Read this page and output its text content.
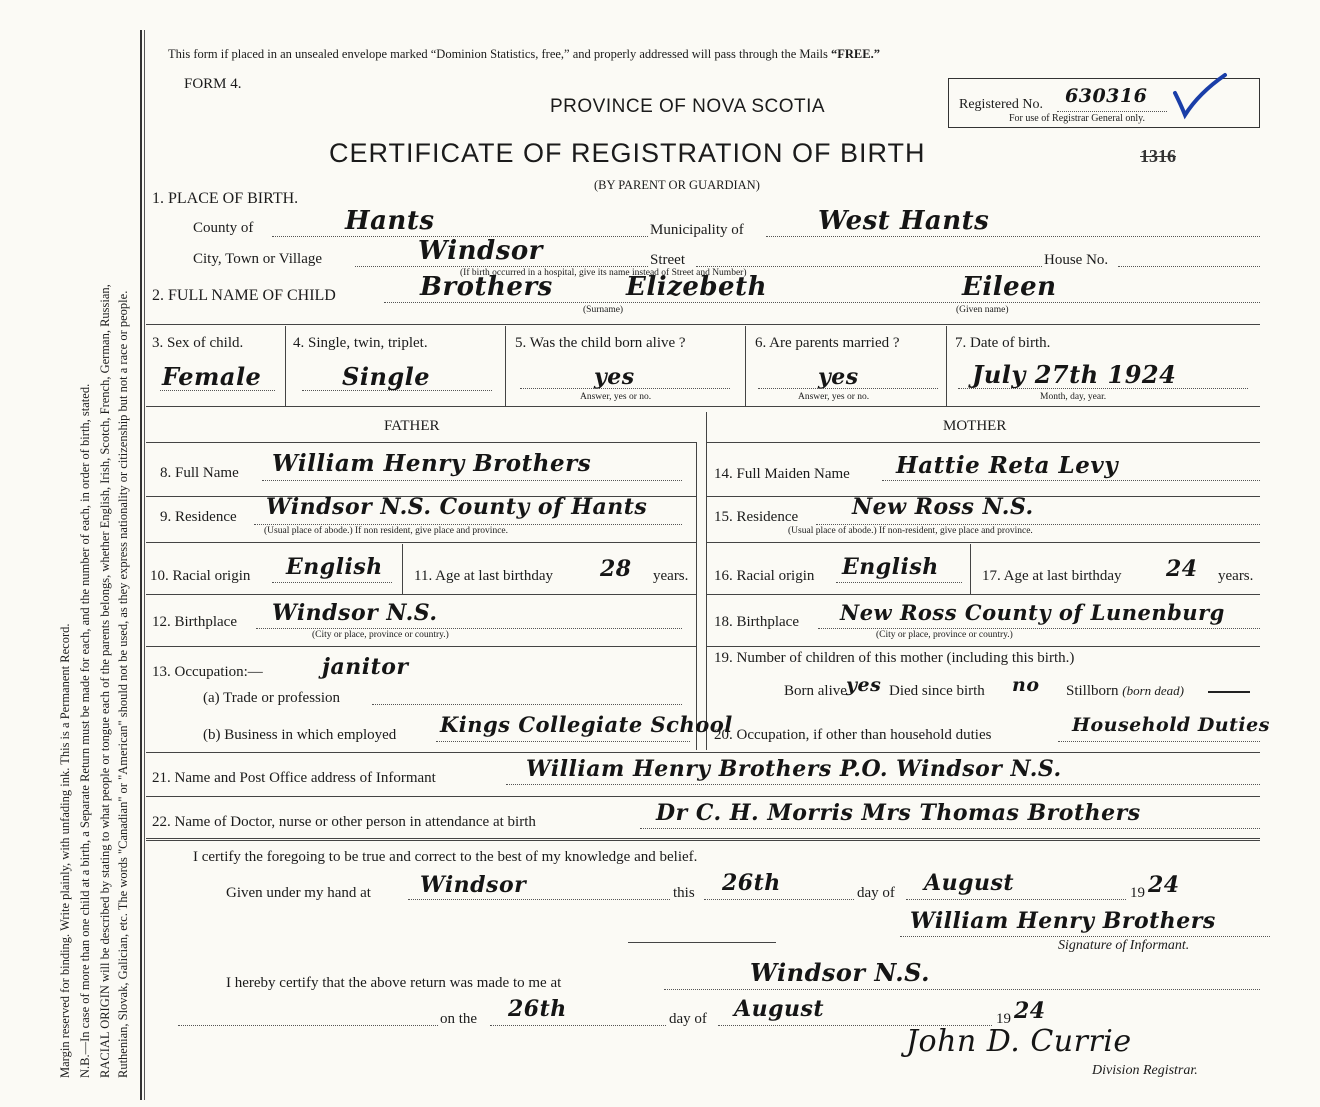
Margin reserved for binding. Write plainly, with unfading ink. This is a Permanent Record. N.B.—In case of more than one child at a birth, a Separate Return must be made for each, and the number of each, in order of birth, stated. RACIAL ORIGIN will be described by stating to what people or tongue each of the parents belongs, whether English, Irish, Scotch, French, German, Russian, Ruthenian, Slovak, Galician, etc. The words "Canadian" or "American" should not be used, as they express nationality or citizenship but not a race or people.
This form if placed in an unsealed envelope marked “Dominion Statistics, free,” and properly addressed will pass through the Mails “FREE.”
FORM 4.
PROVINCE OF NOVA SCOTIA	Registered No. 630316
For use of Registrar General only.
CERTIFICATE OF REGISTRATION OF BIRTH	1316
(BY PARENT OR GUARDIAN)
1. PLACE OF BIRTH.
County of	Hants	Municipality of	West Hants
City, Town or Village	Windsor	Street	House No.
(If birth occurred in a hospital, give its name instead of Street and Number)
2. FULL NAME OF CHILD	Brothers	Elizebeth	Eileen
(Surname)	(Given name)
3. Sex of child.
Female
4. Single, twin, triplet.
Single
5. Was the child born alive ?
yes
Answer, yes or no.
6. Are parents married ?
yes
Answer, yes or no.
7. Date of birth.
July 27th 1924
Month, day, year.
FATHER	MOTHER
8. Full Name William Henry Brothers
9. Residence Windsor N.S. County of Hants
(Usual place of abode.) If non resident, give place and province.
10. Racial origin English 11. Age at last birthday 28 years.
12. Birthplace Windsor N.S.
(City or place, province or country.)
13. Occupation:—	janitor
(a) Trade or profession
(b) Business in which employed Kings Collegiate School
14. Full Maiden Name Hattie Reta Levy
15. Residence New Ross N.S.
(Usual place of abode.) If non-resident, give place and province.
16. Racial origin English	17. Age at last birthday 24 years.
18. Birthplace New Ross County of Lunenburg
(City or place, province or country.)
19. Number of children of this mother (including this birth.)
Born alive yes Died since birth no Stillborn (born dead)
20. Occupation, if other than household duties	Household Duties
21. Name and Post Office address of Informant	William Henry Brothers P.O. Windsor N.S.
22. Name of Doctor, nurse or other person in attendance at birth	Dr C. H. Morris Mrs Thomas Brothers
I certify the foregoing to be true and correct to the best of my knowledge and belief.
Given under my hand at Windsor	this 26th	day of August	19 24
William Henry Brothers
Signature of Informant.
I hereby certify that the above return was made to me at	Windsor N.S.
on the 26th	day of August	19 24
John D. Currie
Division Registrar.
